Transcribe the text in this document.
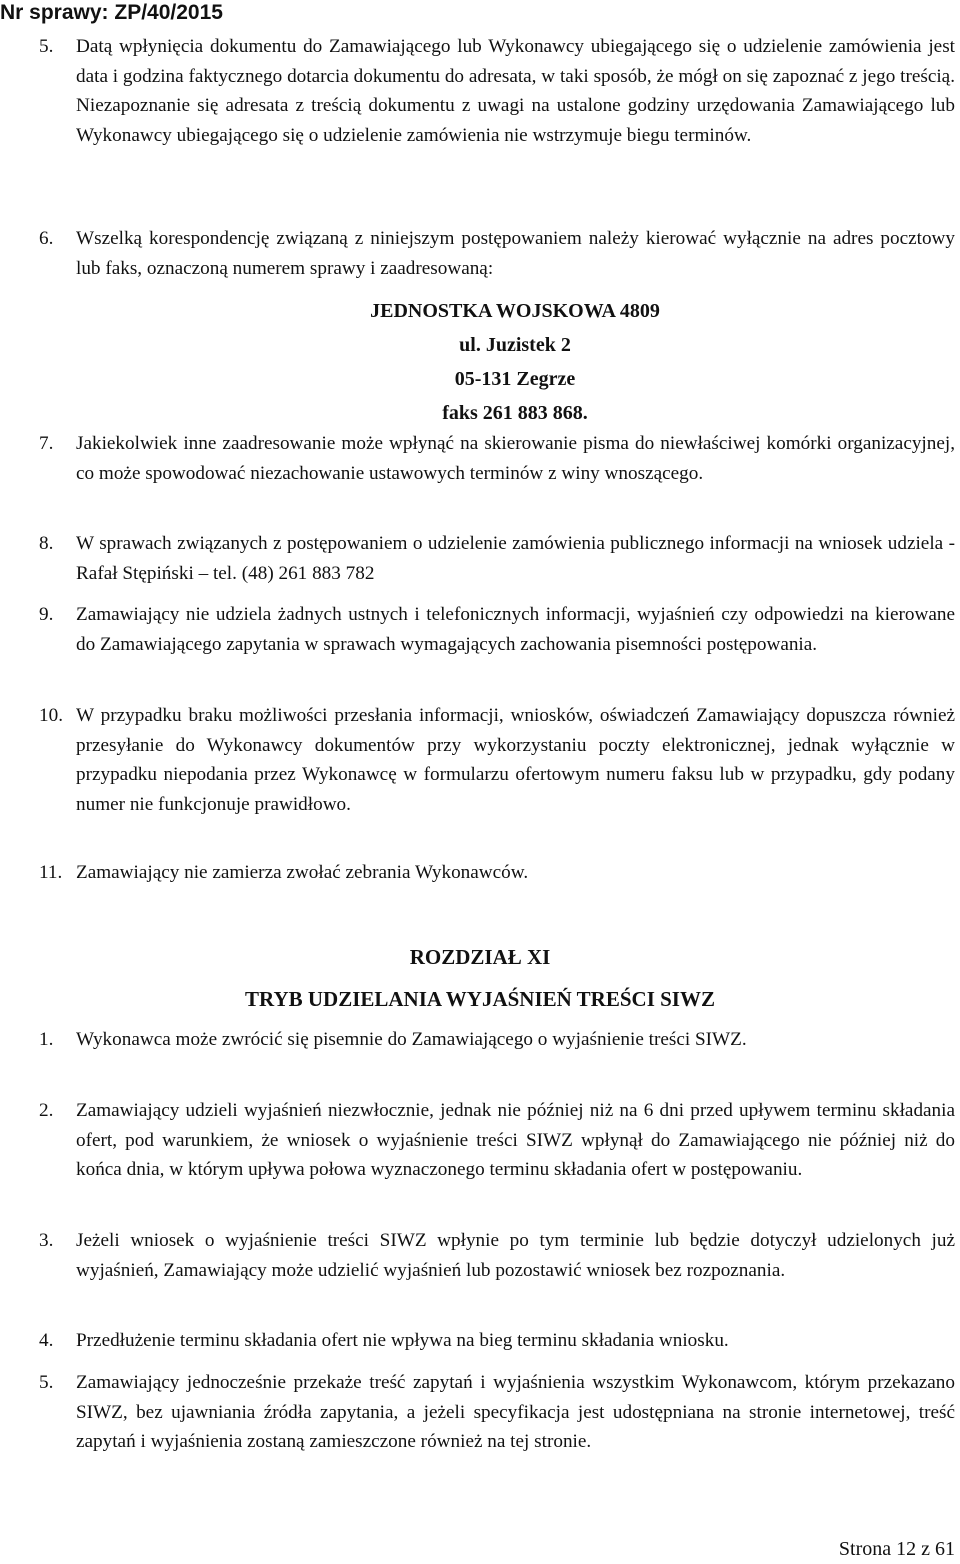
Nr sprawy: ZP/40/2015
5. Datą wpłynięcia dokumentu do Zamawiającego lub Wykonawcy ubiegającego się o udzielenie zamówienia jest data i godzina faktycznego dotarcia dokumentu do adresata, w taki sposób, że mógł on się zapoznać z jego treścią. Niezapoznanie się adresata z treścią dokumentu z uwagi na ustalone godziny urzędowania Zamawiającego lub Wykonawcy ubiegającego się o udzielenie zamówienia nie wstrzymuje biegu terminów.
6. Wszelką korespondencję związaną z niniejszym postępowaniem należy kierować wyłącznie na adres pocztowy lub faks, oznaczoną numerem sprawy i zaadresowaną:
JEDNOSTKA WOJSKOWA 4809
ul. Juzistek 2
05-131 Zegrze
faks 261 883 868.
7. Jakiekolwiek inne zaadresowanie może wpłynąć na skierowanie pisma do niewłaściwej komórki organizacyjnej, co może spowodować niezachowanie ustawowych terminów z winy wnoszącego.
8. W sprawach związanych z postępowaniem o udzielenie zamówienia publicznego informacji na wniosek udziela - Rafał Stępiński – tel. (48) 261 883 782
9. Zamawiający nie udziela żadnych ustnych i telefonicznych informacji, wyjaśnień czy odpowiedzi na kierowane do Zamawiającego zapytania w sprawach wymagających zachowania pisemności postępowania.
10. W przypadku braku możliwości przesłania informacji, wniosków, oświadczeń Zamawiający dopuszcza również przesyłanie do Wykonawcy dokumentów przy wykorzystaniu poczty elektronicznej, jednak wyłącznie w przypadku niepodania przez Wykonawcę w formularzu ofertowym numeru faksu lub w przypadku, gdy podany numer nie funkcjonuje prawidłowo.
11. Zamawiający nie zamierza zwołać zebrania Wykonawców.
ROZDZIAŁ XI
TRYB UDZIELANIA WYJAŚNIEŃ TREŚCI SIWZ
1. Wykonawca może zwrócić się pisemnie do Zamawiającego o wyjaśnienie treści SIWZ.
2. Zamawiający udzieli wyjaśnień niezwłocznie, jednak nie później niż na 6 dni przed upływem terminu składania ofert, pod warunkiem, że wniosek o wyjaśnienie treści SIWZ wpłynął do Zamawiającego nie później niż do końca dnia, w którym upływa połowa wyznaczonego terminu składania ofert w postępowaniu.
3. Jeżeli wniosek o wyjaśnienie treści SIWZ wpłynie po tym terminie lub będzie dotyczył udzielonych już wyjaśnień, Zamawiający może udzielić wyjaśnień lub pozostawić wniosek bez rozpoznania.
4. Przedłużenie terminu składania ofert nie wpływa na bieg terminu składania wniosku.
5. Zamawiający jednocześnie przekaże treść zapytań i wyjaśnienia wszystkim Wykonawcom, którym przekazano SIWZ, bez ujawniania źródła zapytania, a jeżeli specyfikacja jest udostępniana na stronie internetowej, treść zapytań i wyjaśnienia zostaną zamieszczone również na tej stronie.
Strona 12 z 61
